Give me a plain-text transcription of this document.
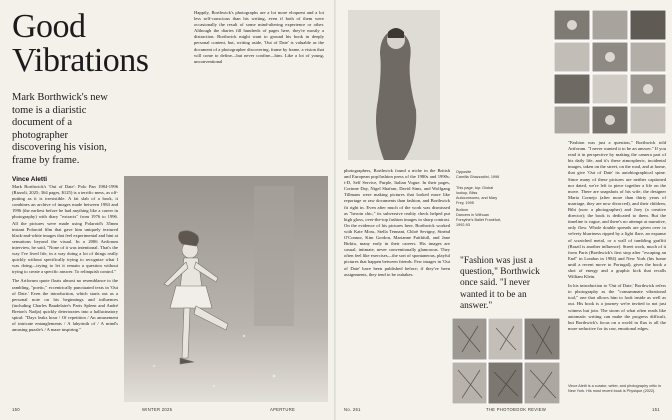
Good
Vibrations
Mark Borthwick's new tome is a diaristic document of a photographer discovering his vision, frame by frame.
Vince Aletti

Mark Borthwick's 'Out of Date': Polo Pan 1984-1996 (Rizzoli, 2025; 364 pages, $125) is a terrific mess, as off-putting as it is irresistible. A fat slab of a book, it combines an archive of images made between 1984 and 1996 (the earliest before he had anything like a career in photography) with diary "extracts" from 1976 to 1996. All the pictures were made using Polaroid's 35mm instant Polaroid film that gave him uniquely textured black-and-white images that feel experimental and hint at sensations beyond the visual. In a 2006 Artforum interview, he said, "None of it was intentional. That's the way I've lived life, in a way doing a lot of things really quickly without specifically trying to recognize what I was doing—trying to let it remain a question without trying to create a specific answer. To relinquish control."

The Artforum quote floats almost no resemblance to the rambling, "poetic," eccentrically punctuated texts in 'Out of Date.' Even the introduction, which starts out as a personal note on his beginnings and influences (including Charles Baudelaire's Paris Spleen and André Breton's Nadja) quickly deteriorates into a hallucinatory spiral: "Days leaks hour / Of repetition / An amusement of intricate entanglements / A labyrinth of / A mind's amusing puzzle's / A maze inspiring."

Happily, Borthwick's photographs are a lot more eloquent and a lot less self-conscious than his writing, even if both of them were occasionally the result of some mind-altering experience or other. Although the diaries fill hundreds of pages here, they're mostly a distraction. Borthwick might want to ground his book in deeply personal content, but, writing aside, 'Out of Date' is valuable as the document of a photographer discovering, frame by frame, a vision that will come to define—but never confine—him. Like a lot of young, unconventional

150	WINTER 2025	APERTURE

photographers, Borthwick found a niche in the British and European pop/fashion press of the 1980s and 1990s: i-D, Self Service, Purple, Italian Vogue. In their pages, Corinne Day, Nigel Shafran, David Sims, and Wolfgang Tillmans were making pictures that looked more like reportage or raw documents than fashion, and Borthwick fit right in. Even after much of the work was dismissed as "heroin chic," its subversive reality check helped put high gloss, over-the-top fashion images in sharp contrast. On the evidence of his pictures here, Borthwick worked with Kate Moss, Stella Tennant, Chloë Sevigny, Sinéad O'Connor, Kim Gordon, Marianne Faithfull, and Jane Birkin, many early in their careers. His images are casual, intimate, never conventionally glamorous. They often feel like exercises—the sort of spontaneous, playful pictures that happen between friends. Few images in 'Out of Date' have been published before; if they've been assignments, they tend to be outtakes.

Opposite
Camilla Ghazzadini, 1996
This page, top: Global lookup, Bliss Autoconsumo, and Mary Frey, 1995
Bottom
Dancers in Wilhuan Forsythe's Ballet Frankfurt, 1992-93
"Fashion was just a question," Borthwick once said. "I never wanted it to be an answer."

"Fashion was just a question," Borthwick told Artforum. "I never wanted it to be an answer." If you read it in perspective by making the camera part of his daily life, and it's these atmospheric, incidental images, taken on the street, on the road, and at home, that give 'Out of Date' its autobiographical spine. Since many of these pictures are neither captioned nor dated, we're left to piece together a life on the move. There are snapshots of his wife, the designer Maria Cornejo (after more than thirty years of marriage, they are now divorced), and their children, Bibi (now a photographer) and Joey (a creative director); the book is dedicated to them. But the timeline is vague, and there's no attempt at narrative, only flow. Whole double spreads are given over to velvety blurriness ripped by a light flare, an expanse of scratched metal, or a wall of tumbling graffiti (Brazil is another influence). Street work, much of it from Paris (Borthwick's first stop after "escaping an End" in London in 1984) and New York (his home until a recent move to Portugal), gives the book a shot of energy and a graphic kick that recalls William Klein.

In his introduction to 'Out of Date,' Borthwick refers to photography as the "consummate vibrational tool," one that allows him to look inside as well as out. His book is a journey we're invited to not just witness but join. The storm of what often reads like automatic writing can make the progress difficult, but Borthwick's focus on a world in flux is all the more seductive for its raw, emotional edges.

Vince Aletti is a curator, writer, and photography critic in New York. His most recent book is Physique (2022).
No. 261	THE PHOTOBOOK REVIEW	151
